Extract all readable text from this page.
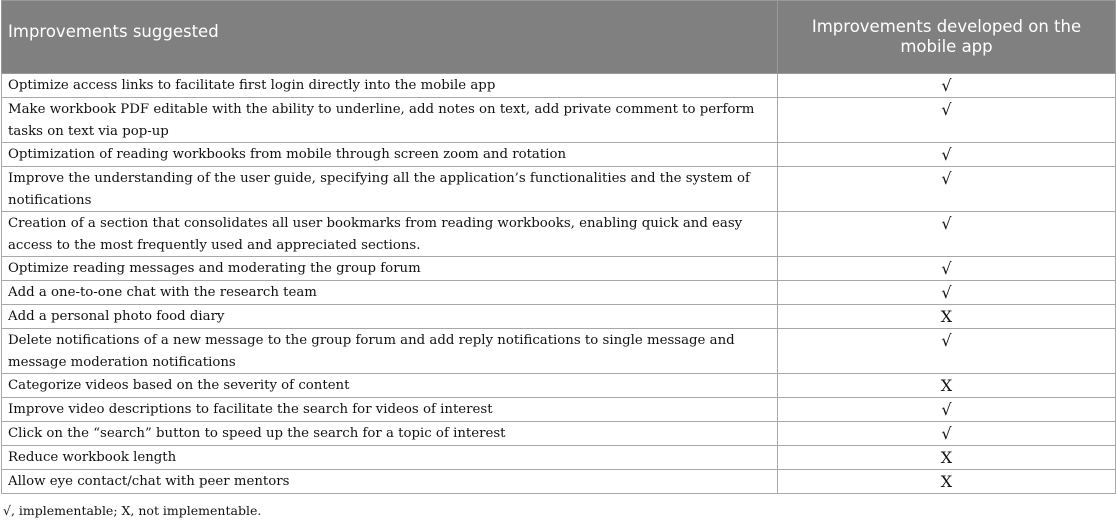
Improvements suggested	Improvements developed on the mobile app
Optimize access links to facilitate first login directly into the mobile app	√
Make workbook PDF editable with the ability to underline, add notes on text, add private comment to perform tasks on text via pop-up	√
Optimization of reading workbooks from mobile through screen zoom and rotation	√
Improve the understanding of the user guide, specifying all the application’s functionalities and the system of notifications	√
Creation of a section that consolidates all user bookmarks from reading workbooks, enabling quick and easy access to the most frequently used and appreciated sections.	√
Optimize reading messages and moderating the group forum	√
Add a one-to-one chat with the research team	√
Add a personal photo food diary	X
Delete notifications of a new message to the group forum and add reply notifications to single message and message moderation notifications	√
Categorize videos based on the severity of content	X
Improve video descriptions to facilitate the search for videos of interest	√
Click on the “search” button to speed up the search for a topic of interest	√
Reduce workbook length	X
Allow eye contact/chat with peer mentors	X
√, implementable; X, not implementable.
